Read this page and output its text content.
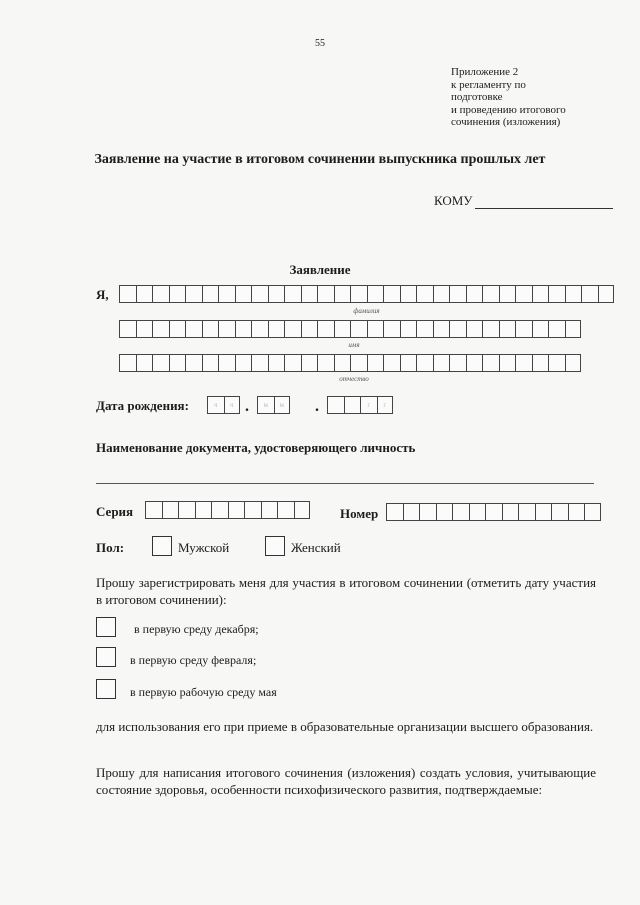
55
Приложение 2
к регламенту по
подготовке
и проведению итогового
сочинения (изложения)
Заявление на участие в итоговом сочинении выпускника прошлых лет
КОМУ
Заявление
Я,
фамилия
имя
отчество
Дата рождения:	ч	ч .	м	м	.	г	г
Наименование документа, удостоверяющего личность
Серия	Номер
Пол:	Мужской	Женский
Прошу зарегистрировать меня для участия в итоговом сочинении (отметить дату участия в итоговом сочинении):
в первую среду декабря;
в первую среду февраля;
в первую рабочую среду мая
для использования его при приеме в образовательные организации высшего образования.
Прошу для написания итогового сочинения (изложения) создать условия, учитывающие состояние здоровья, особенности психофизического развития, подтверждаемые:
